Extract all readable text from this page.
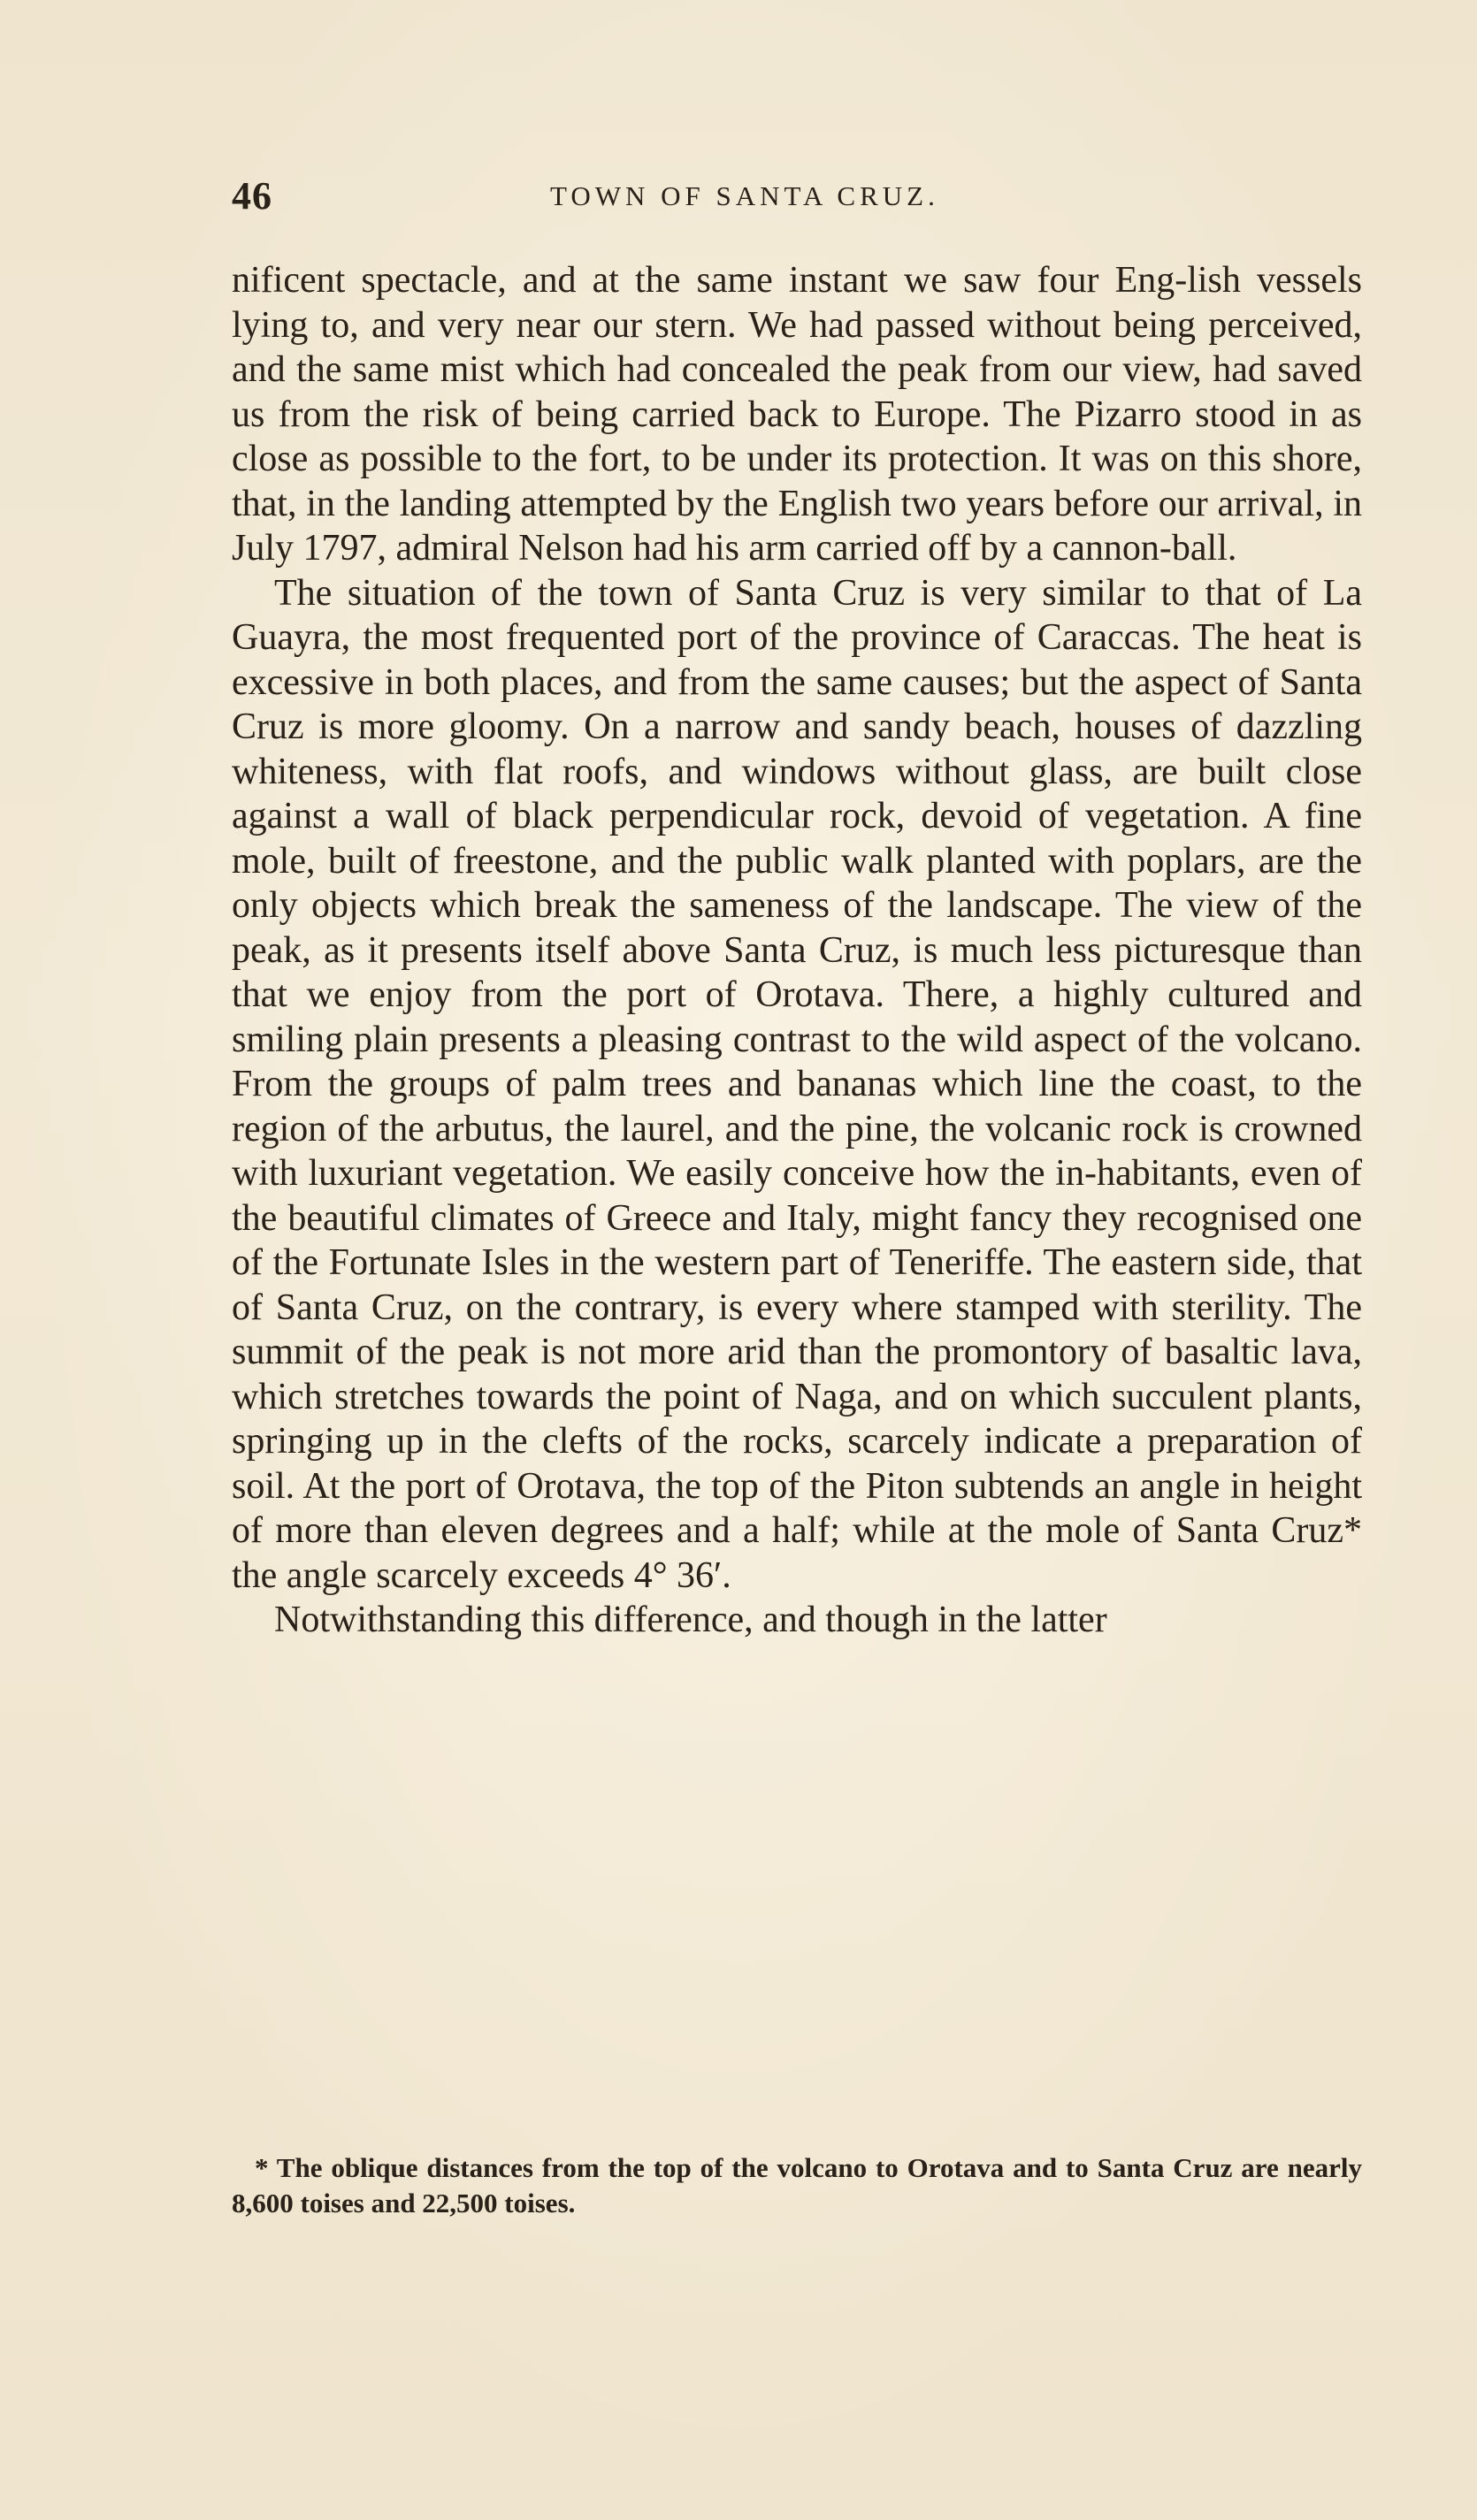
46	TOWN OF SANTA CRUZ.

nificent spectacle, and at the same instant we saw four Eng-lish vessels lying to, and very near our stern. We had passed without being perceived, and the same mist which had concealed the peak from our view, had saved us from the risk of being carried back to Europe. The Pizarro stood in as close as possible to the fort, to be under its protection. It was on this shore, that, in the landing attempted by the English two years before our arrival, in July 1797, admiral Nelson had his arm carried off by a cannon-ball.

The situation of the town of Santa Cruz is very similar to that of La Guayra, the most frequented port of the province of Caraccas. The heat is excessive in both places, and from the same causes; but the aspect of Santa Cruz is more gloomy. On a narrow and sandy beach, houses of dazzling whiteness, with flat roofs, and windows without glass, are built close against a wall of black perpendicular rock, devoid of vegetation. A fine mole, built of freestone, and the public walk planted with poplars, are the only objects which break the sameness of the landscape. The view of the peak, as it presents itself above Santa Cruz, is much less picturesque than that we enjoy from the port of Orotava. There, a highly cultured and smiling plain presents a pleasing contrast to the wild aspect of the volcano. From the groups of palm trees and bananas which line the coast, to the region of the arbutus, the laurel, and the pine, the volcanic rock is crowned with luxuriant vegetation. We easily conceive how the in-habitants, even of the beautiful climates of Greece and Italy, might fancy they recognised one of the Fortunate Isles in the western part of Teneriffe. The eastern side, that of Santa Cruz, on the contrary, is every where stamped with sterility. The summit of the peak is not more arid than the promontory of basaltic lava, which stretches towards the point of Naga, and on which succulent plants, springing up in the clefts of the rocks, scarcely indicate a preparation of soil. At the port of Orotava, the top of the Piton subtends an angle in height of more than eleven degrees and a half; while at the mole of Santa Cruz* the angle scarcely exceeds 4° 36′.

Notwithstanding this difference, and though in the latter

* The oblique distances from the top of the volcano to Orotava and to Santa Cruz are nearly 8,600 toises and 22,500 toises.
